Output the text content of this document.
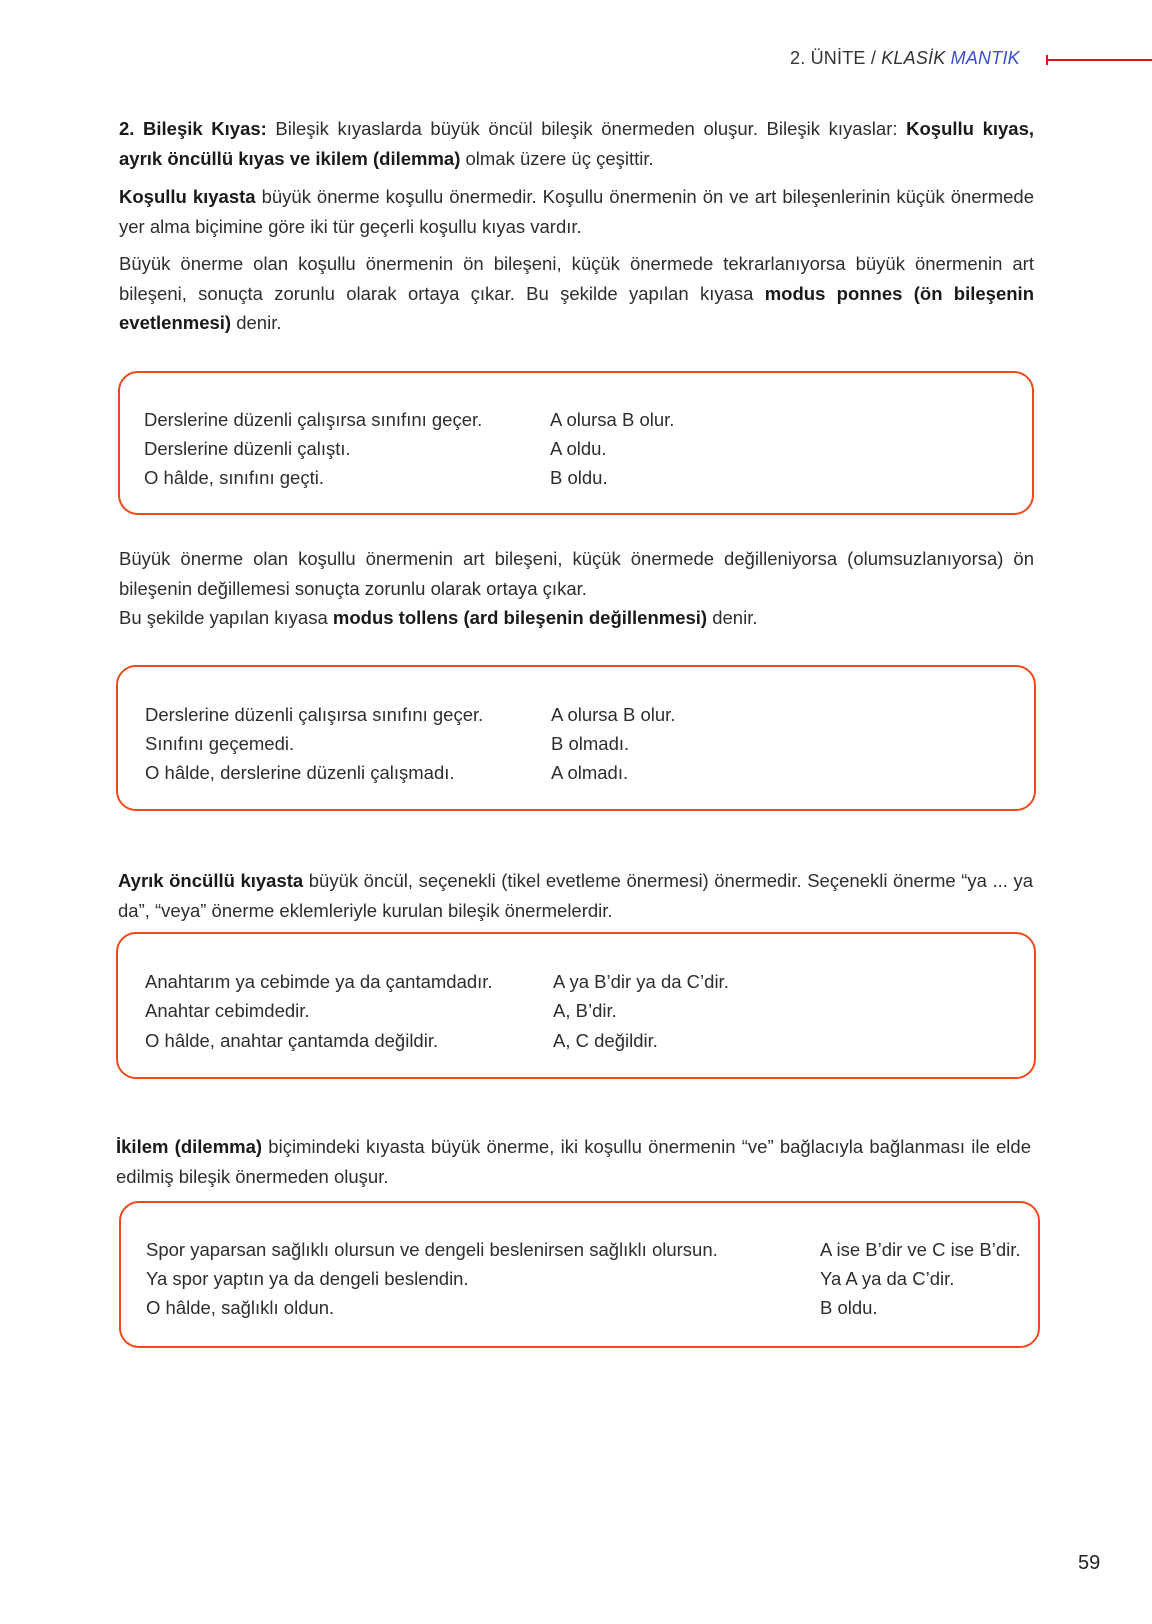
2. ÜNİTE / KLASİK MANTIK
2. Bileşik Kıyas: Bileşik kıyaslarda büyük öncül bileşik önermeden oluşur. Bileşik kıyaslar: Koşullu kıyas, ayrık öncüllü kıyas ve ikilem (dilemma) olmak üzere üç çeşittir.
Koşullu kıyasta büyük önerme koşullu önermedir. Koşullu önermenin ön ve art bileşenlerinin küçük önermede yer alma biçimine göre iki tür geçerli koşullu kıyas vardır.
Büyük önerme olan koşullu önermenin ön bileşeni, küçük önermede tekrarlanıyorsa büyük önermenin art bileşeni, sonuçta zorunlu olarak ortaya çıkar. Bu şekilde yapılan kıyasa modus ponnes (ön bileşenin evetlenmesi) denir.
Derslerine düzenli çalışırsa sınıfını geçer.	A olursa B olur.
Derslerine düzenli çalıştı.	A oldu.
O hâlde, sınıfını geçti.	B oldu.
Büyük önerme olan koşullu önermenin art bileşeni, küçük önermede değilleniyorsa (olumsuzlanıyorsa) ön bileşenin değillemesi sonuçta zorunlu olarak ortaya çıkar.
Bu şekilde yapılan kıyasa modus tollens (ard bileşenin değillenmesi) denir.
Derslerine düzenli çalışırsa sınıfını geçer.	A olursa B olur.
Sınıfını geçemedi.	B olmadı.
O hâlde, derslerine düzenli çalışmadı.	A olmadı.
Ayrık öncüllü kıyasta büyük öncül, seçenekli (tikel evetleme önermesi) önermedir. Seçenekli önerme “ya ... ya da”, “veya” önerme eklemleriyle kurulan bileşik önermelerdir.
Anahtarım ya cebimde ya da çantamdadır.	A ya B’dir ya da C’dir.
Anahtar cebimdedir.	A, B’dir.
O hâlde, anahtar çantamda değildir.	A, C değildir.
İkilem (dilemma) biçimindeki kıyasta büyük önerme, iki koşullu önermenin “ve” bağlacıyla bağlanması ile elde edilmiş bileşik önermeden oluşur.
Spor yaparsan sağlıklı olursun ve dengeli beslenirsen sağlıklı olursun.	A ise B’dir ve C ise B’dir.
Ya spor yaptın ya da dengeli beslendin.	Ya A ya da C’dir.
O hâlde, sağlıklı oldun.	B oldu.
59
